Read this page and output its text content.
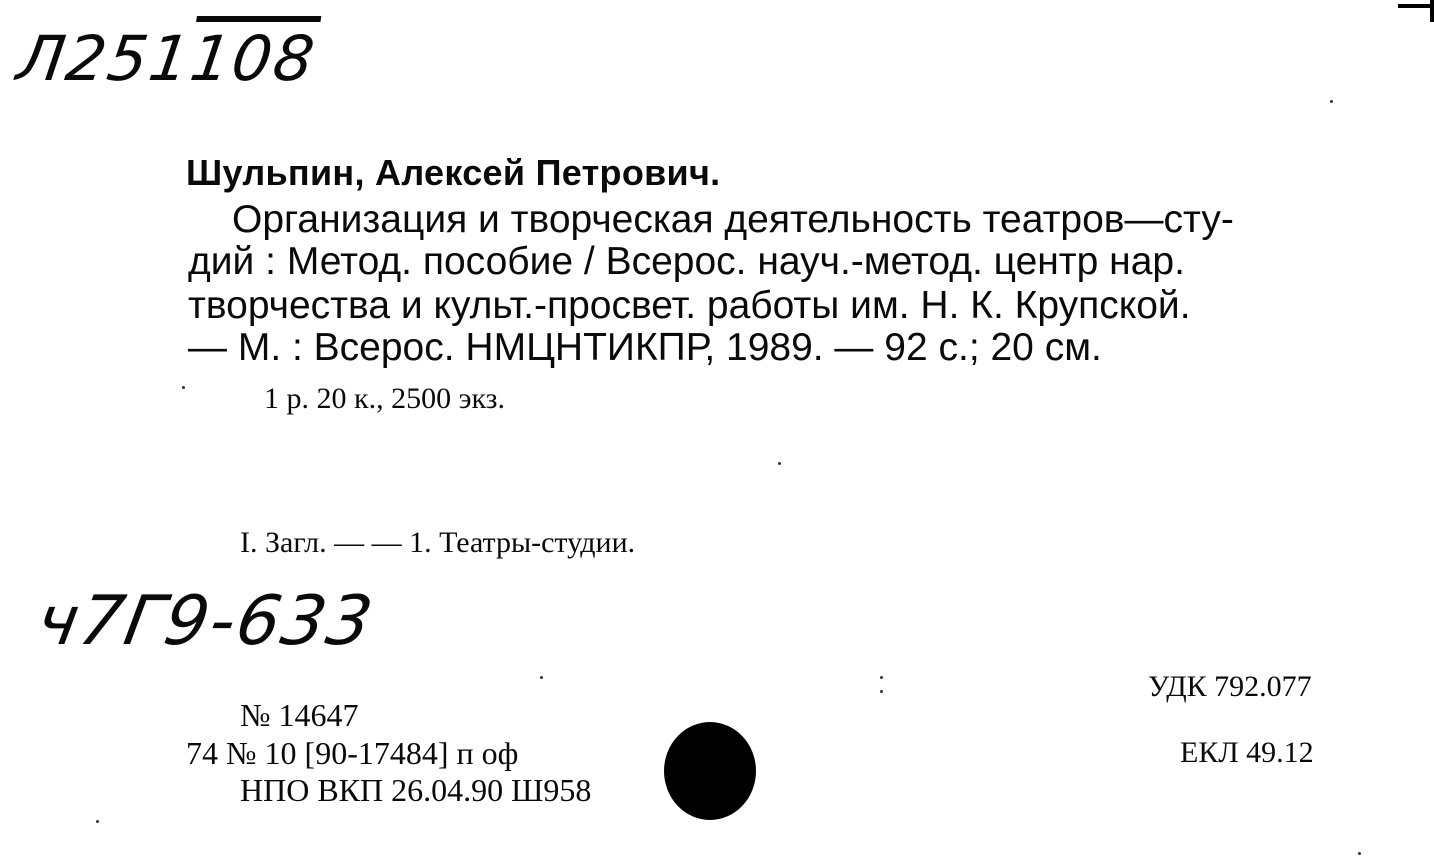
Л251108
Шульпин, Алексей Петрович.
Организация и творческая деятельность театров—сту-
дий : Метод. пособие / Всерос. науч.-метод. центр нар.
творчества и культ.-просвет. работы им. Н. К. Крупской.
— М. : Всерос. НМЦНТИКПР, 1989. — 92 с.; 20 см.
1 р. 20 к., 2500 экз.
I. Загл. — — 1. Театры-студии.
ч7Г9-633
УДК 792.077
ЕКЛ 49.12
№ 14647
74 № 10 [90-17484] п оф
НПО ВКП 26.04.90 Ш958
